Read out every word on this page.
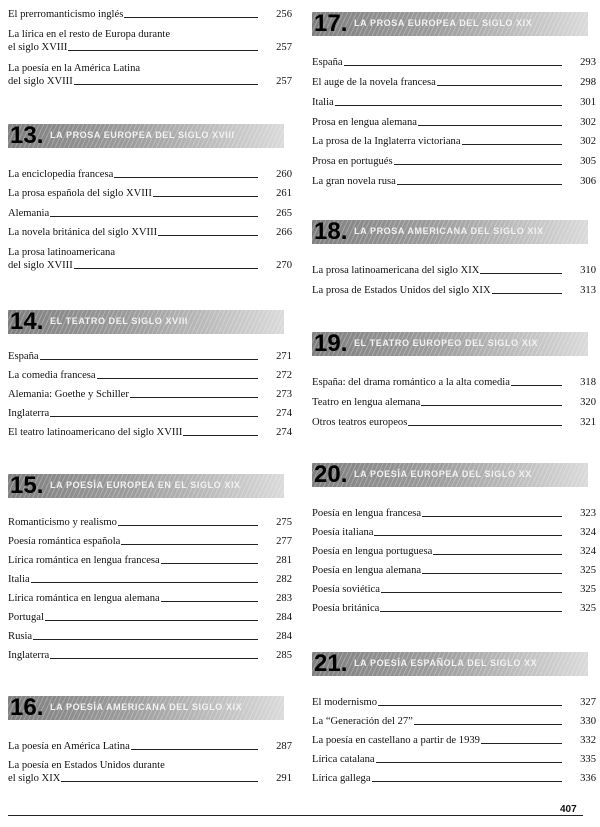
El prerromanticismo inglés	256
La lírica en el resto de Europa durante
el siglo XVIII	257
La poesía en la América Latina
del siglo XVIII	257
13. LA PROSA EUROPEA DEL SIGLO XVIII
La enciclopedia francesa	260
La prosa española del siglo XVIII	261
Alemania	265
La novela británica del siglo XVIII	266
La prosa latinoamericana
del siglo XVIII	270
14. EL TEATRO DEL SIGLO XVIII
España	271
La comedia francesa	272
Alemania: Goethe y Schiller	273
Inglaterra	274
El teatro latinoamericano del siglo XVIII	274
15. LA POESÍA EUROPEA EN EL SIGLO XIX
Romanticismo y realismo	275
Poesía romántica española	277
Lírica romántica en lengua francesa	281
Italia	282
Lírica romántica en lengua alemana	283
Portugal	284
Rusia	284
Inglaterra	285
16. LA POESÍA AMERICANA DEL SIGLO XIX
La poesía en América Latina	287
La poesía en Estados Unidos durante
el siglo XIX	291
17. LA PROSA EUROPEA DEL SIGLO XIX
España	293
El auge de la novela francesa	298
Italia	301
Prosa en lengua alemana	302
La prosa de la Inglaterra victoriana	302
Prosa en portugués	305
La gran novela rusa	306
18. LA PROSA AMERICANA DEL SIGLO XIX
La prosa latinoamericana del siglo XIX	310
La prosa de Estados Unidos del siglo XIX	313
19. EL TEATRO EUROPEO DEL SIGLO XIX
España: del drama romántico a la alta comedia	318
Teatro en lengua alemana	320
Otros teatros europeos	321
20. LA POESÍA EUROPEA DEL SIGLO XX
Poesía en lengua francesa	323
Poesía italiana	324
Poesía en lengua portuguesa	324
Poesía en lengua alemana	325
Poesía soviética	325
Poesía británica	325
21. LA POESÍA ESPAÑOLA DEL SIGLO XX
El modernismo	327
La “Generación del 27”	330
La poesía en castellano a partir de 1939	332
Lírica catalana	335
Lírica gallega	336
407
